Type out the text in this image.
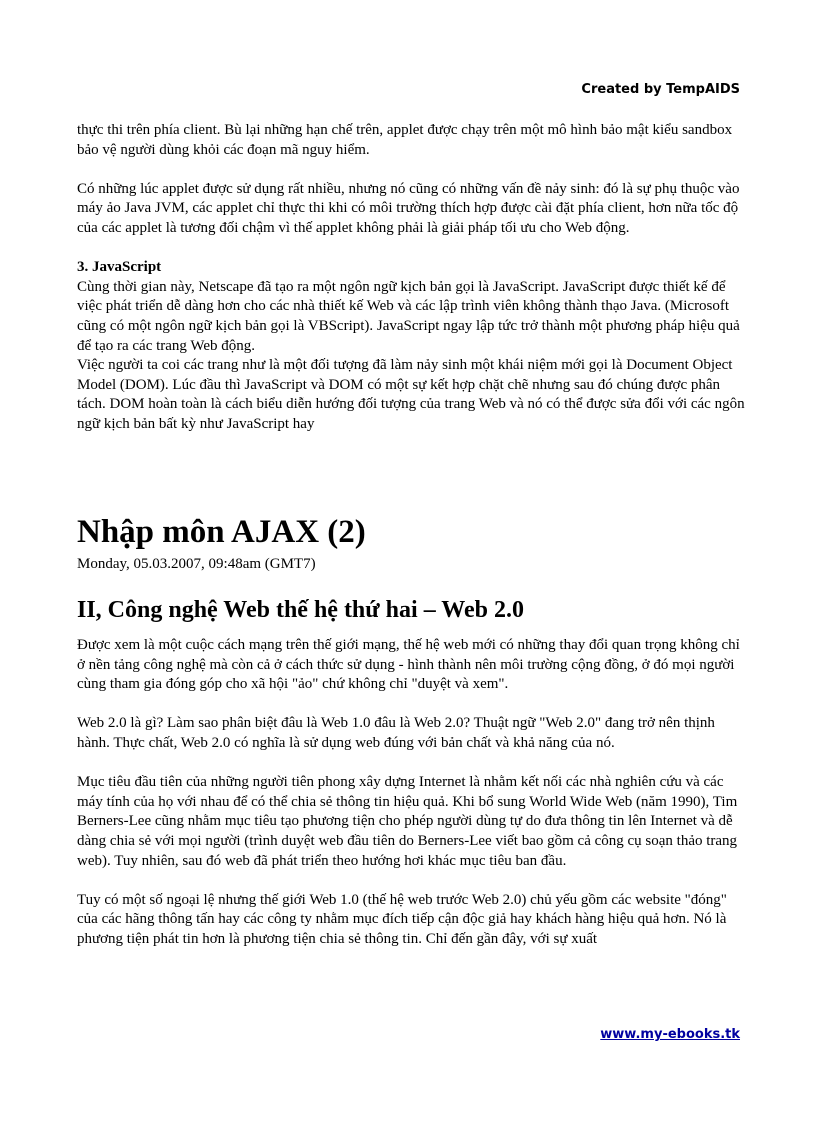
Created by TempAIDS

thực thi trên phía client. Bù lại những hạn chế trên, applet được chạy trên một mô hình bảo mật kiểu sandbox bảo vệ người dùng khỏi các đoạn mã nguy hiểm.

Có những lúc applet được sử dụng rất nhiều, nhưng nó cũng có những vấn đề nảy sinh: đó là sự phụ thuộc vào máy ảo Java JVM, các applet chỉ thực thi khi có môi trường thích hợp được cài đặt phía client, hơn nữa tốc độ của các applet là tương đối chậm vì thế applet không phải là giải pháp tối ưu cho Web động.

3. JavaScript

Cùng thời gian này, Netscape đã tạo ra một ngôn ngữ kịch bản gọi là JavaScript. JavaScript được thiết kế để việc phát triển dễ dàng hơn cho các nhà thiết kế Web và các lập trình viên không thành thạo Java. (Microsoft cũng có một ngôn ngữ kịch bản gọi là VBScript). JavaScript ngay lập tức trở thành một phương pháp hiệu quả để tạo ra các trang Web động.

Việc người ta coi các trang như là một đối tượng đã làm nảy sinh một khái niệm mới gọi là Document Object Model (DOM). Lúc đầu thì JavaScript và DOM có một sự kết hợp chặt chẽ nhưng sau đó chúng được phân tách. DOM hoàn toàn là cách biểu diễn hướng đối tượng của trang Web và nó có thể được sửa đổi với các ngôn ngữ kịch bản bất kỳ như JavaScript hay

Nhập môn AJAX (2)
Monday, 05.03.2007, 09:48am (GMT7)
II, Công nghệ Web thế hệ thứ hai – Web 2.0

Được xem là một cuộc cách mạng trên thế giới mạng, thế hệ web mới có những thay đổi quan trọng không chỉ ở nền tảng công nghệ mà còn cả ở cách thức sử dụng - hình thành nên môi trường cộng đồng, ở đó mọi người cùng tham gia đóng góp cho xã hội "ảo" chứ không chỉ "duyệt và xem".

Web 2.0 là gì? Làm sao phân biệt đâu là Web 1.0 đâu là Web 2.0? Thuật ngữ "Web 2.0" đang trở nên thịnh hành. Thực chất, Web 2.0 có nghĩa là sử dụng web đúng với bản chất và khả năng của nó.

Mục tiêu đầu tiên của những người tiên phong xây dựng Internet là nhằm kết nối các nhà nghiên cứu và các máy tính của họ với nhau để có thể chia sẻ thông tin hiệu quả. Khi bổ sung World Wide Web (năm 1990), Tim Berners-Lee cũng nhằm mục tiêu tạo phương tiện cho phép người dùng tự do đưa thông tin lên Internet và dễ dàng chia sẻ với mọi người (trình duyệt web đầu tiên do Berners-Lee viết bao gồm cả công cụ soạn thảo trang web). Tuy nhiên, sau đó web đã phát triển theo hướng hơi khác mục tiêu ban đầu.

Tuy có một số ngoại lệ nhưng thế giới Web 1.0 (thế hệ web trước Web 2.0) chủ yếu gồm các website "đóng" của các hãng thông tấn hay các công ty nhằm mục đích tiếp cận độc giả hay khách hàng hiệu quả hơn. Nó là phương tiện phát tin hơn là phương tiện chia sẻ thông tin. Chỉ đến gần đây, với sự xuất

www.my-ebooks.tk
